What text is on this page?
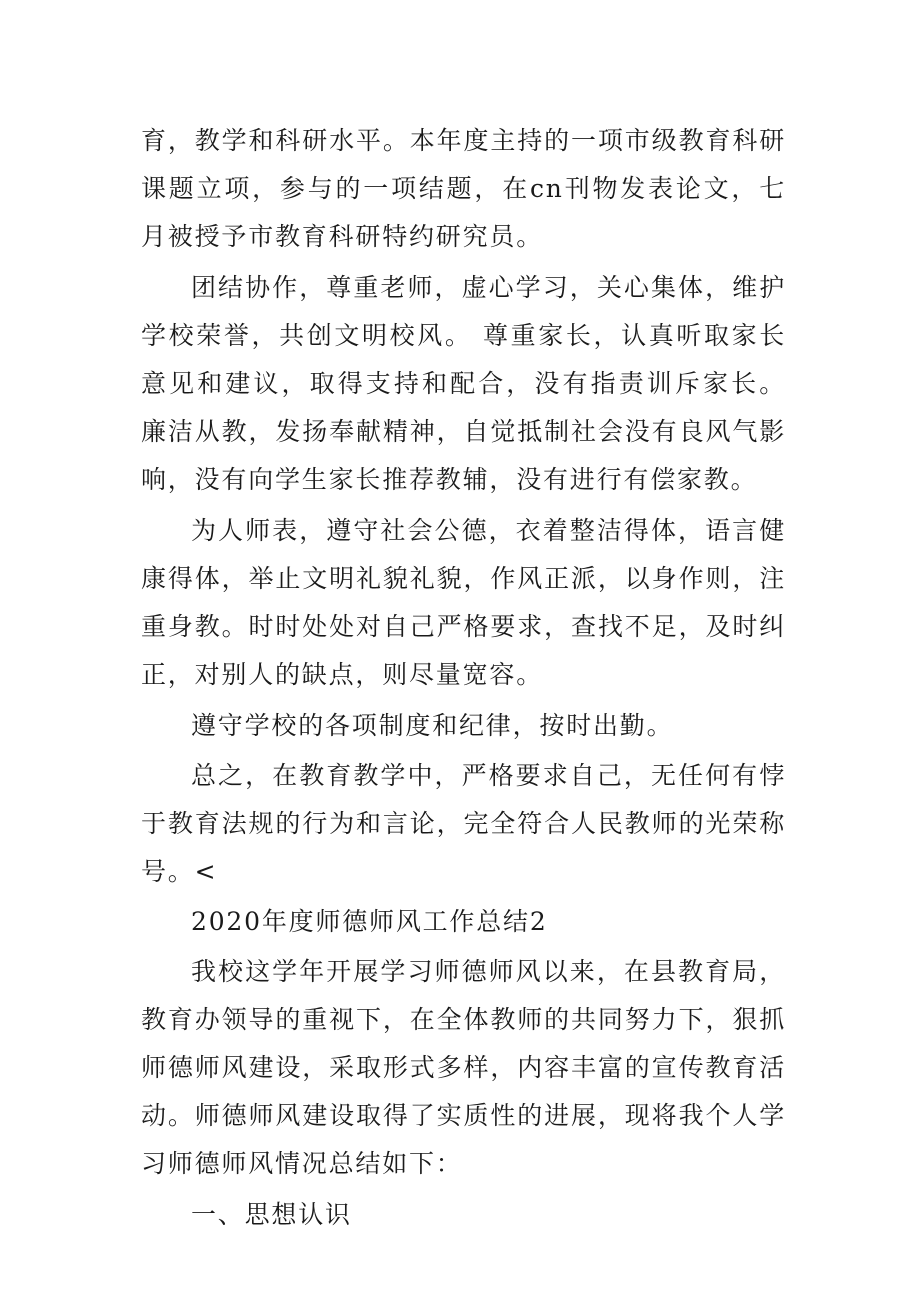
育，教学和科研水平。本年度主持的一项市级教育科研课题立项，参与的一项结题，在cn刊物发表论文，七月被授予市教育科研特约研究员。

团结协作，尊重老师，虚心学习，关心集体，维护学校荣誉，共创文明校风。 尊重家长，认真听取家长意见和建议，取得支持和配合，没有指责训斥家长。 廉洁从教，发扬奉献精神，自觉抵制社会没有良风气影响，没有向学生家长推荐教辅，没有进行有偿家教。

为人师表，遵守社会公德，衣着整洁得体，语言健康得体，举止文明礼貌礼貌，作风正派，以身作则，注重身教。时时处处对自己严格要求，查找不足，及时纠正，对别人的缺点，则尽量宽容。

遵守学校的各项制度和纪律，按时出勤。

总之，在教育教学中，严格要求自己，无任何有悖于教育法规的行为和言论，完全符合人民教师的光荣称号。<

2020年度师德师风工作总结2

我校这学年开展学习师德师风以来，在县教育局，教育办领导的重视下，在全体教师的共同努力下，狠抓师德师风建设，采取形式多样，内容丰富的宣传教育活动。师德师风建设取得了实质性的进展，现将我个人学习师德师风情况总结如下：

一、思想认识
